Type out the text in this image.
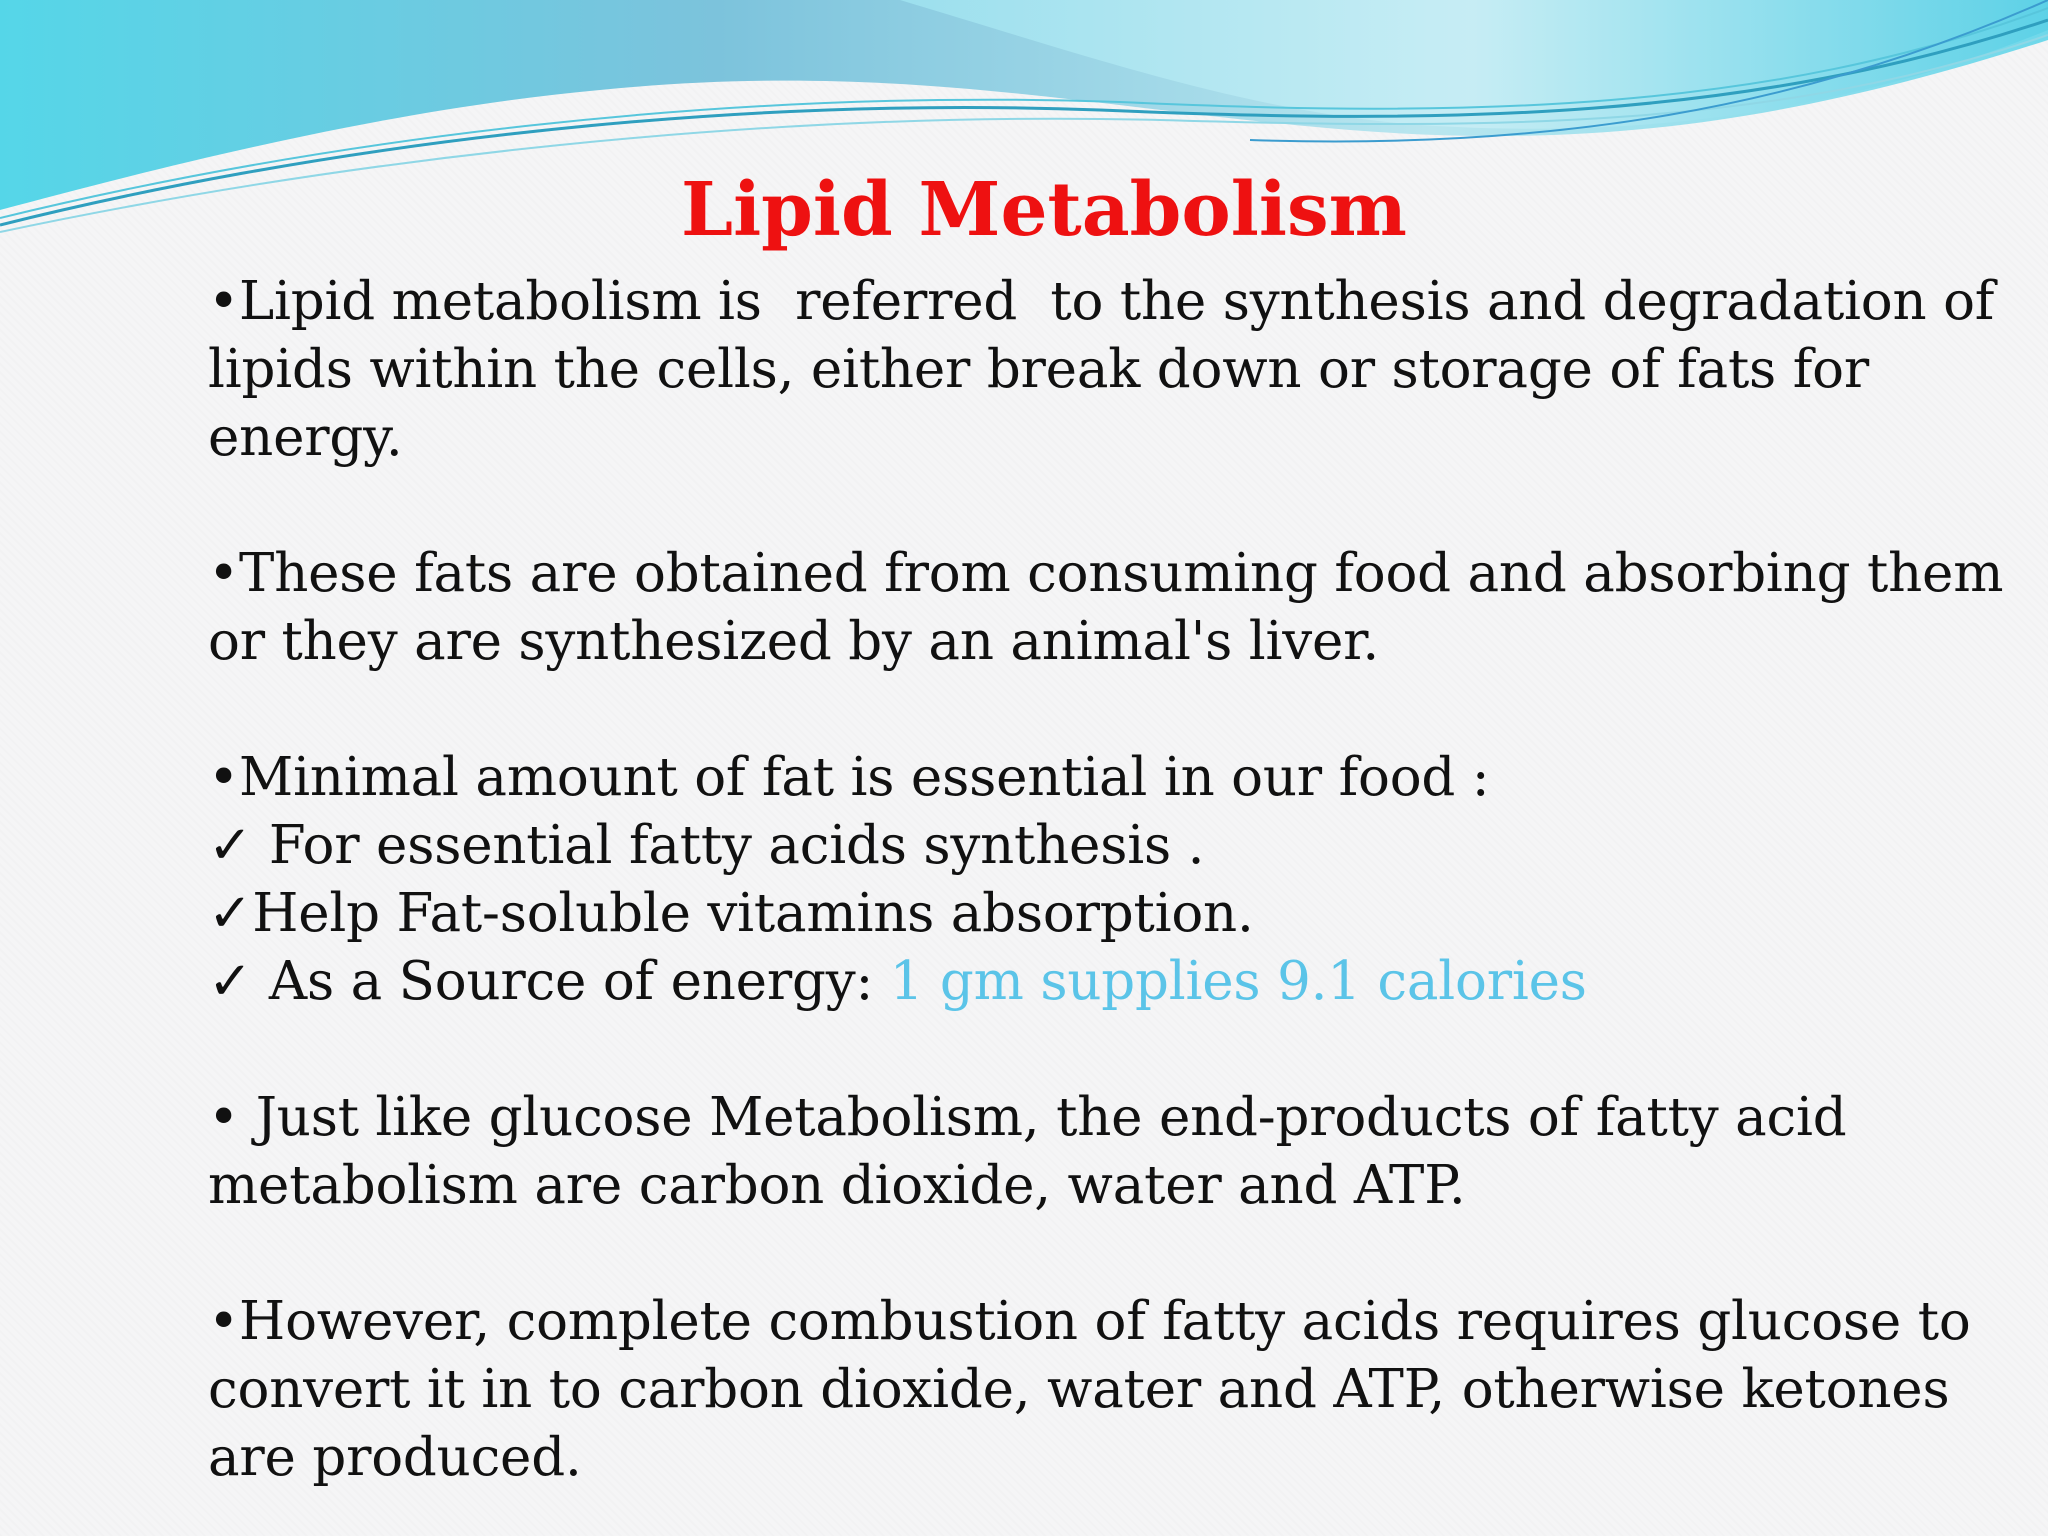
Lipid Metabolism

•Lipid metabolism is  referred  to the synthesis and degradation of
lipids within the cells, either break down or storage of fats for
energy.

•These fats are obtained from consuming food and absorbing them
or they are synthesized by an animal's liver.

•Minimal amount of fat is essential in our food :
✓ For essential fatty acids synthesis .
✓Help Fat-soluble vitamins absorption.
✓ As a Source of energy: 1 gm supplies 9.1 calories

• Just like glucose Metabolism, the end-products of fatty acid
metabolism are carbon dioxide, water and ATP.

•However, complete combustion of fatty acids requires glucose to
convert it in to carbon dioxide, water and ATP, otherwise ketones
are produced.
